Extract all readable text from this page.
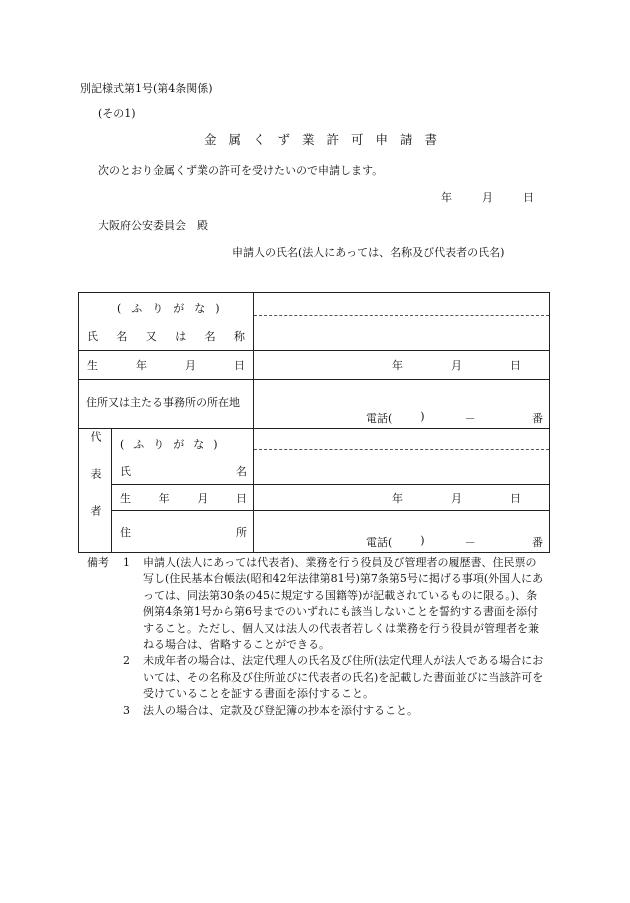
別記様式第1号(第4条関係)
(その1)
金属くず業許可申請書
次のとおり金属くず業の許可を受けたいので申請します。
年	月	日
大阪府公安委員会　殿
申請人の氏名(法人にあっては、名称及び代表者の氏名)
(ふりがな)
氏名又は名称		

生年月日		年 月 日

住所又は主たる事務所の所在地		電話( ) － 番

代表者	(ふりがな)
氏名	

	生年月日	年 月 日

	住所	電話( ) － 番
備考	1	申請人(法人にあっては代表者)、業務を行う役員及び管理者の履歴書、住民票の写し(住民基本台帳法(昭和42年法律第81号)第7条第5号に掲げる事項(外国人にあっては、同法第30条の45に規定する国籍等)が記載されているものに限る。)、条例第4条第1号から第6号までのいずれにも該当しないことを誓約する書面を添付すること。ただし、個人又は法人の代表者若しくは業務を行う役員が管理者を兼ねる場合は、省略することができる。
2	未成年者の場合は、法定代理人の氏名及び住所(法定代理人が法人である場合においては、その名称及び住所並びに代表者の氏名)を記載した書面並びに当該許可を受けていることを証する書面を添付すること。
3	法人の場合は、定款及び登記簿の抄本を添付すること。
